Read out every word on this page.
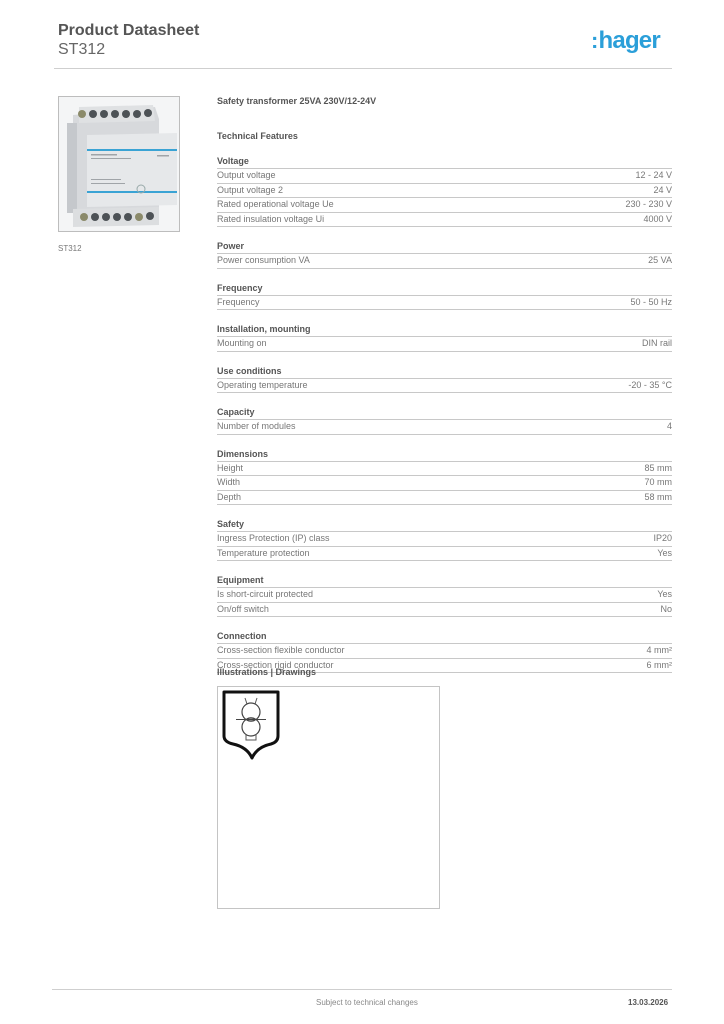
Product Datasheet
ST312	:hager
ST312
Safety transformer 25VA 230V/12-24V
Technical Features
Voltage
Output voltage	12 - 24 V
Output voltage 2	24 V
Rated operational voltage Ue	230 - 230 V
Rated insulation voltage Ui	4000 V
Power
Power consumption VA	25 VA
Frequency
Frequency	50 - 50 Hz
Installation, mounting
Mounting on	DIN rail
Use conditions
Operating temperature	-20 - 35 °C
Capacity
Number of modules	4
Dimensions
Height	85 mm
Width	70 mm
Depth	58 mm
Safety
Ingress Protection (IP) class	IP20
Temperature protection	Yes
Equipment
Is short-circuit protected	Yes
On/off switch	No
Connection
Cross-section flexible conductor	4 mm²
Cross-section rigid conductor	6 mm²
Illustrations | Drawings
Subject to technical changes	13.03.2026
